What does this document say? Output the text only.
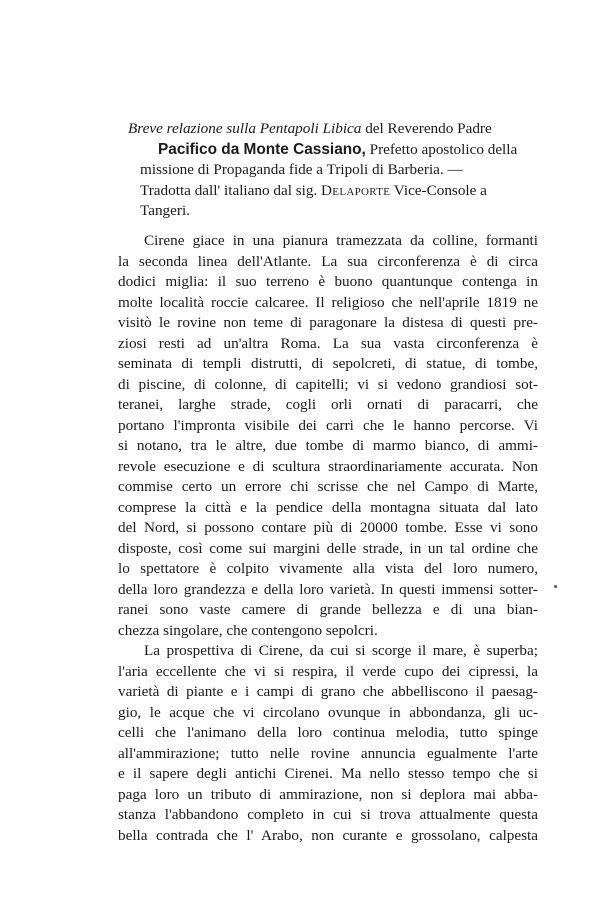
Breve relazione sulla Pentapoli Libica del Reverendo Padre
Pacifico da Monte Cassiano, Prefetto apostolico della
missione di Propaganda fide a Tripoli di Barberia. —
Tradotta dall' italiano dal sig. Delaporte Vice-Console a
Tangeri.
Cirene giace in una pianura tramezzata da colline, formanti
la seconda linea dell'Atlante. La sua circonferenza è di circa
dodici miglia: il suo terreno è buono quantunque contenga in
molte località roccie calcaree. Il religioso che nell'aprile 1819 ne
visitò le rovine non teme di paragonare la distesa di questi pre-
ziosi resti ad un'altra Roma. La sua vasta circonferenza è
seminata di templi distrutti, di sepolcreti, di statue, di tombe,
di piscine, di colonne, di capitelli; vi si vedono grandiosi sot-
teranei, larghe strade, cogli orli ornati di paracarri, che
portano l'impronta visibile dei carri che le hanno percorse. Vi
si notano, tra le altre, due tombe di marmo bianco, di ammi-
revole esecuzione e di scultura straordinariamente accurata. Non
commise certo un errore chi scrisse che nel Campo di Marte,
comprese la città e la pendice della montagna situata dal lato
del Nord, si possono contare più di 20000 tombe. Esse vi sono
disposte, così come sui margini delle strade, in un tal ordine che
lo spettatore è colpito vivamente alla vista del loro numero,
della loro grandezza e della loro varietà. In questi immensi sotter-
ranei sono vaste camere di grande bellezza e di una bian-
chezza singolare, che contengono sepolcri.
La prospettiva di Cirene, da cui si scorge il mare, è superba;
l'aria eccellente che vi si respira, il verde cupo dei cipressi, la
varietà di piante e i campi di grano che abbelliscono il paesag-
gio, le acque che vi circolano ovunque in abbondanza, gli uc-
celli che l'animano della loro continua melodia, tutto spinge
all'ammirazione; tutto nelle rovine annuncia egualmente l'arte
e il sapere degli antichi Cirenei. Ma nello stesso tempo che si
paga loro un tributo di ammirazione, non si deplora mai abba-
stanza l'abbandono completo in cui si trova attualmente questa
bella contrada che l' Arabo, non curante e grossolano, calpesta
